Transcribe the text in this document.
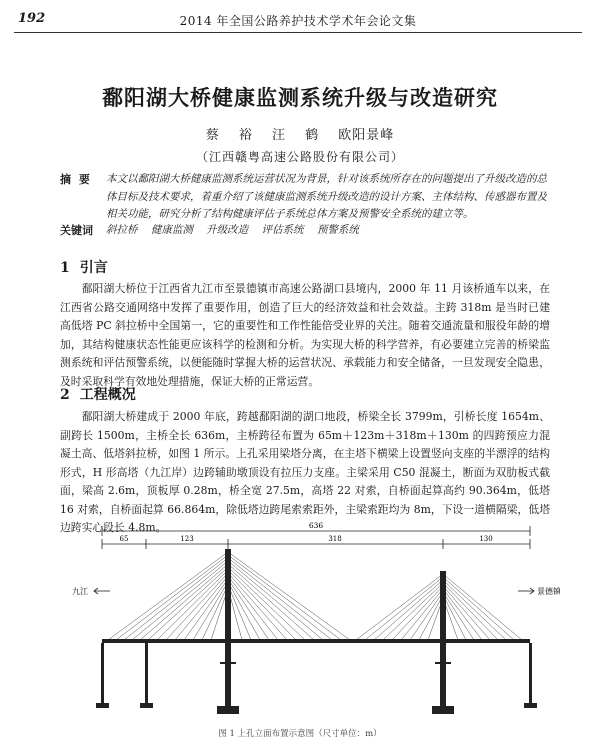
192	2014 年全国公路养护技术学术年会论文集
鄱阳湖大桥健康监测系统升级与改造研究
蔡 裕 汪 鹤 欧阳景峰
（江西赣粤高速公路股份有限公司）
摘 要	本文以鄱阳湖大桥健康监测系统运营状况为背景，针对该系统所存在的问题提出了升级改造的总体目标及技术要求，着重介绍了该健康监测系统升级改造的设计方案、主体结构、传感器布置及相关功能，研究分析了结构健康评估子系统总体方案及预警安全系统的建立等。
关键词 斜拉桥 健康监测 升级改造 评估系统 预警系统
1 引言
鄱阳湖大桥位于江西省九江市至景德镇市高速公路湖口县境内，2000 年 11 月该桥通车以来，在江西省公路交通网络中发挥了重要作用，创造了巨大的经济效益和社会效益。主跨 318m 是当时已建高低塔 PC 斜拉桥中全国第一，它的重要性和工作性能倍受业界的关注。随着交通流量和服役年龄的增加，其结构健康状态性能更应该科学的检测和分析。为实现大桥的科学营养，有必要建立完善的桥梁监测系统和评估预警系统，以便能随时掌握大桥的运营状况、承载能力和安全储备，一旦发现安全隐患，及时采取科学有效地处理措施，保证大桥的正常运营。
2 工程概况
鄱阳湖大桥建成于 2000 年底，跨越鄱阳湖的湖口地段，桥梁全长 3799m，引桥长度 1654m、副跨长 1500m，主桥全长 636m，主桥跨径布置为 65m＋123m＋318m＋130m 的四跨预应力混凝土高、低塔斜拉桥，如图 1 所示。上孔采用梁塔分离，在主塔下横梁上设置竖向支座的半漂浮的结构形式，H 形高塔（九江岸）边跨辅助墩顶设有拉压力支座。主梁采用 C50 混凝土，断面为双肋板式截面，梁高 2.6m，顶板厚 0.28m，桥全宽 27.5m，高塔 22 对索，自桥面起算高约 90.364m，低塔 16 对索，自桥面起算 66.864m，除低塔边跨尾索索距外，主梁索距均为 8m，下设一道横隔梁，低塔边跨实心段长 4.8m。	636
65	123	318	130
九江	景德镇
图 1 上孔立面布置示意图（尺寸单位：m）
